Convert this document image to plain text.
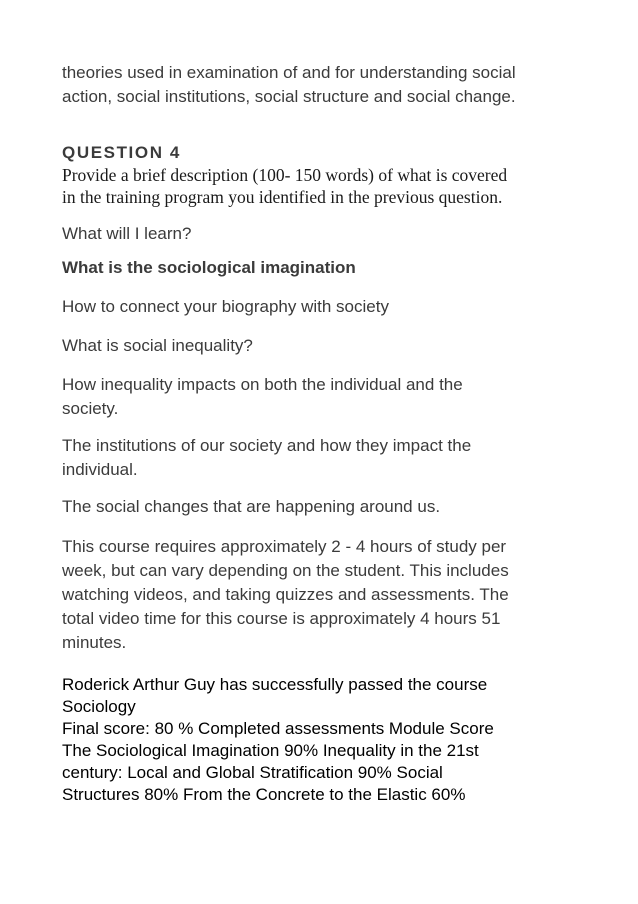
theories used in examination of and for understanding social
action, social institutions, social structure and social change.

QUESTION 4

Provide a brief description (100- 150 words) of what is covered
in the training program you identified in the previous question.

What will I learn?

What is the sociological imagination

How to connect your biography with society

What is social inequality?

How inequality impacts on both the individual and the
society.

The institutions of our society and how they impact the
individual.

The social changes that are happening around us.

This course requires approximately 2 - 4 hours of study per
week, but can vary depending on the student. This includes
watching videos, and taking quizzes and assessments. The
total video time for this course is approximately 4 hours 51
minutes.

Roderick Arthur Guy has successfully passed the course
Sociology
Final score: 80 % Completed assessments Module Score
The Sociological Imagination 90% Inequality in the 21st
century: Local and Global Stratification 90% Social
Structures 80% From the Concrete to the Elastic 60%
